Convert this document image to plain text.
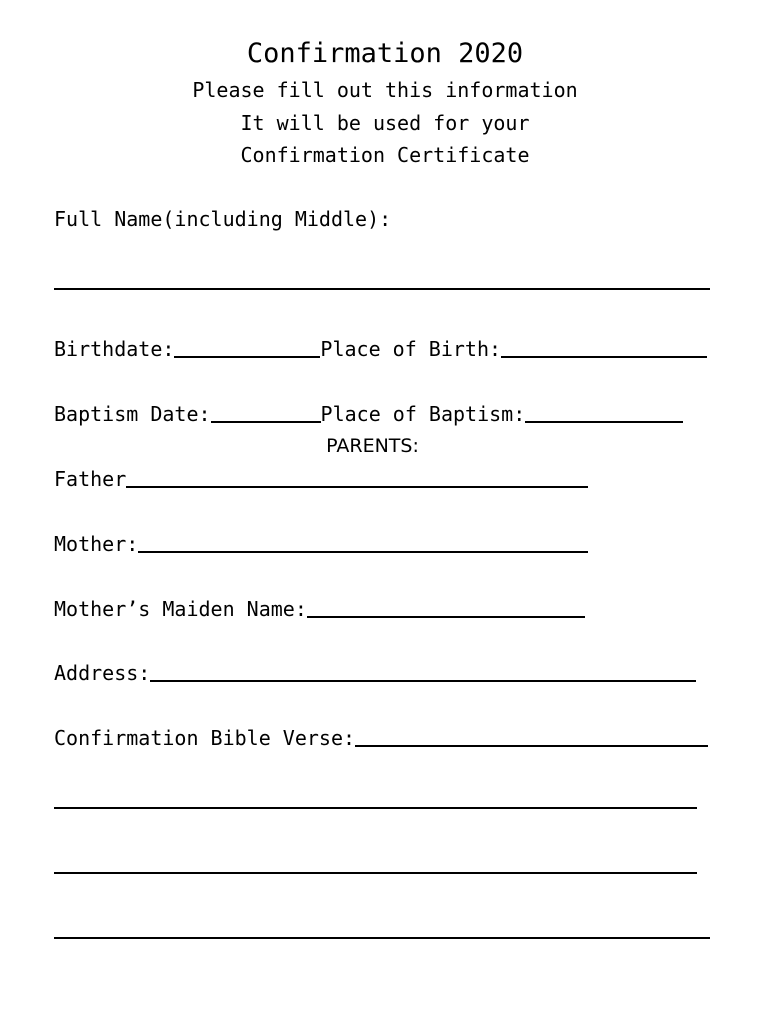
Confirmation 2020
Please fill out this information
It will be used for your
Confirmation Certificate
Full Name(including Middle):
Birthdate:	Place of Birth:
Baptism Date:	Place of Baptism:
PARENTS:
Father
Mother:
Mother’s Maiden Name:
Address:
Confirmation Bible Verse:
